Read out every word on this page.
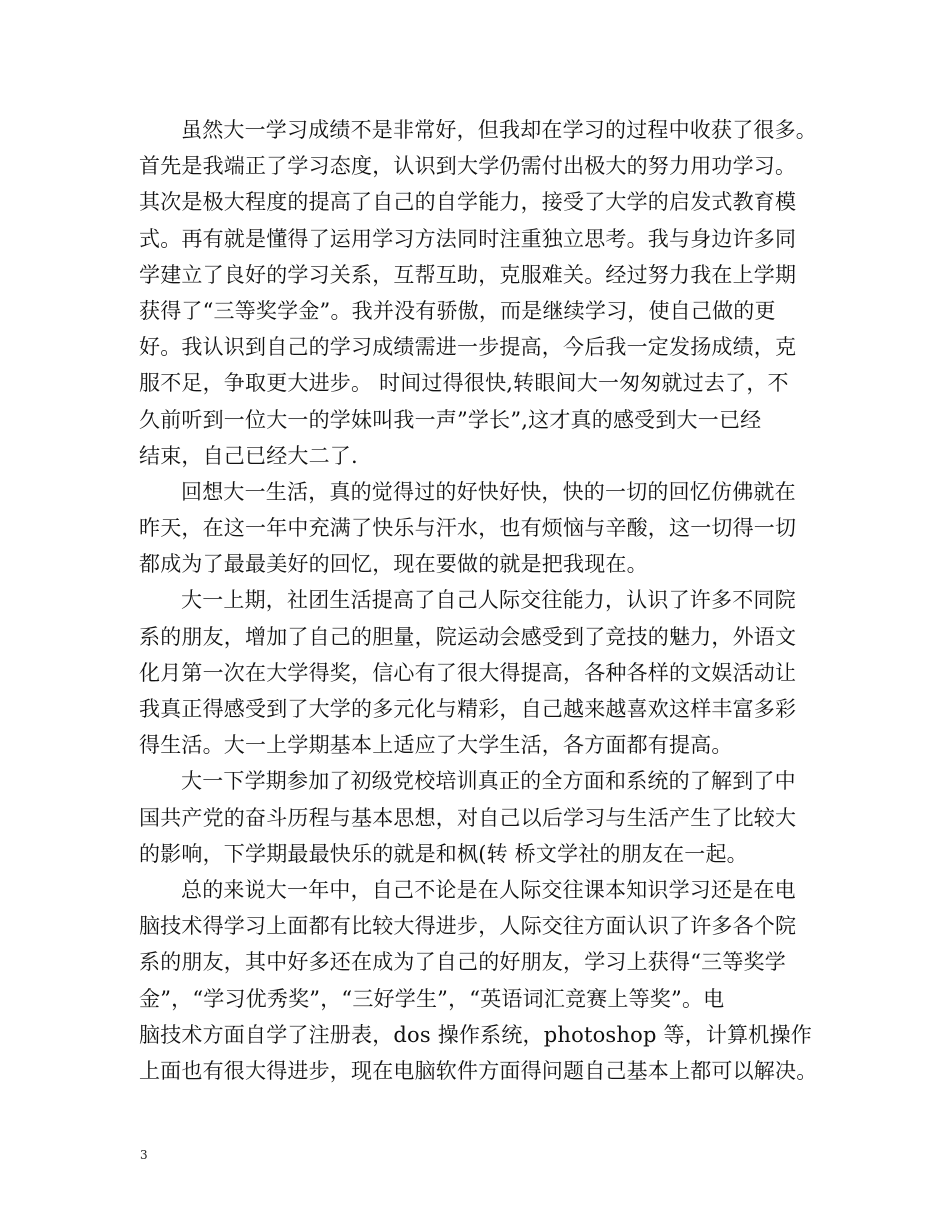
虽然大一学习成绩不是非常好，但我却在学习的过程中收获了很多。
首先是我端正了学习态度，认识到大学仍需付出极大的努力用功学习。
其次是极大程度的提高了自己的自学能力，接受了大学的启发式教育模
式。再有就是懂得了运用学习方法同时注重独立思考。我与身边许多同
学建立了良好的学习关系，互帮互助，克服难关。经过努力我在上学期
获得了“三等奖学金”。我并没有骄傲，而是继续学习，使自己做的更
好。我认识到自己的学习成绩需进一步提高，今后我一定发扬成绩，克
服不足，争取更大进步。 时间过得很快,转眼间大一匆匆就过去了，不
久前听到一位大一的学妹叫我一声”学长”,这才真的感受到大一已经
结束，自己已经大二了.
回想大一生活，真的觉得过的好快好快，快的一切的回忆仿佛就在
昨天，在这一年中充满了快乐与汗水，也有烦恼与辛酸，这一切得一切
都成为了最最美好的回忆，现在要做的就是把我现在。
大一上期，社团生活提高了自己人际交往能力，认识了许多不同院
系的朋友，增加了自己的胆量，院运动会感受到了竞技的魅力，外语文
化月第一次在大学得奖，信心有了很大得提高，各种各样的文娱活动让
我真正得感受到了大学的多元化与精彩，自己越来越喜欢这样丰富多彩
得生活。大一上学期基本上适应了大学生活，各方面都有提高。
大一下学期参加了初级党校培训真正的全方面和系统的了解到了中
国共产党的奋斗历程与基本思想，对自己以后学习与生活产生了比较大
的影响，下学期最最快乐的就是和枫(转 桥文学社的朋友在一起。
总的来说大一年中，自己不论是在人际交往课本知识学习还是在电
脑技术得学习上面都有比较大得进步，人际交往方面认识了许多各个院
系的朋友，其中好多还在成为了自己的好朋友，学习上获得“三等奖学
金”，“学习优秀奖”，“三好学生”，“英语词汇竞赛上等奖”。电
脑技术方面自学了注册表，dos 操作系统，photoshop 等，计算机操作
上面也有很大得进步，现在电脑软件方面得问题自己基本上都可以解决。
3
